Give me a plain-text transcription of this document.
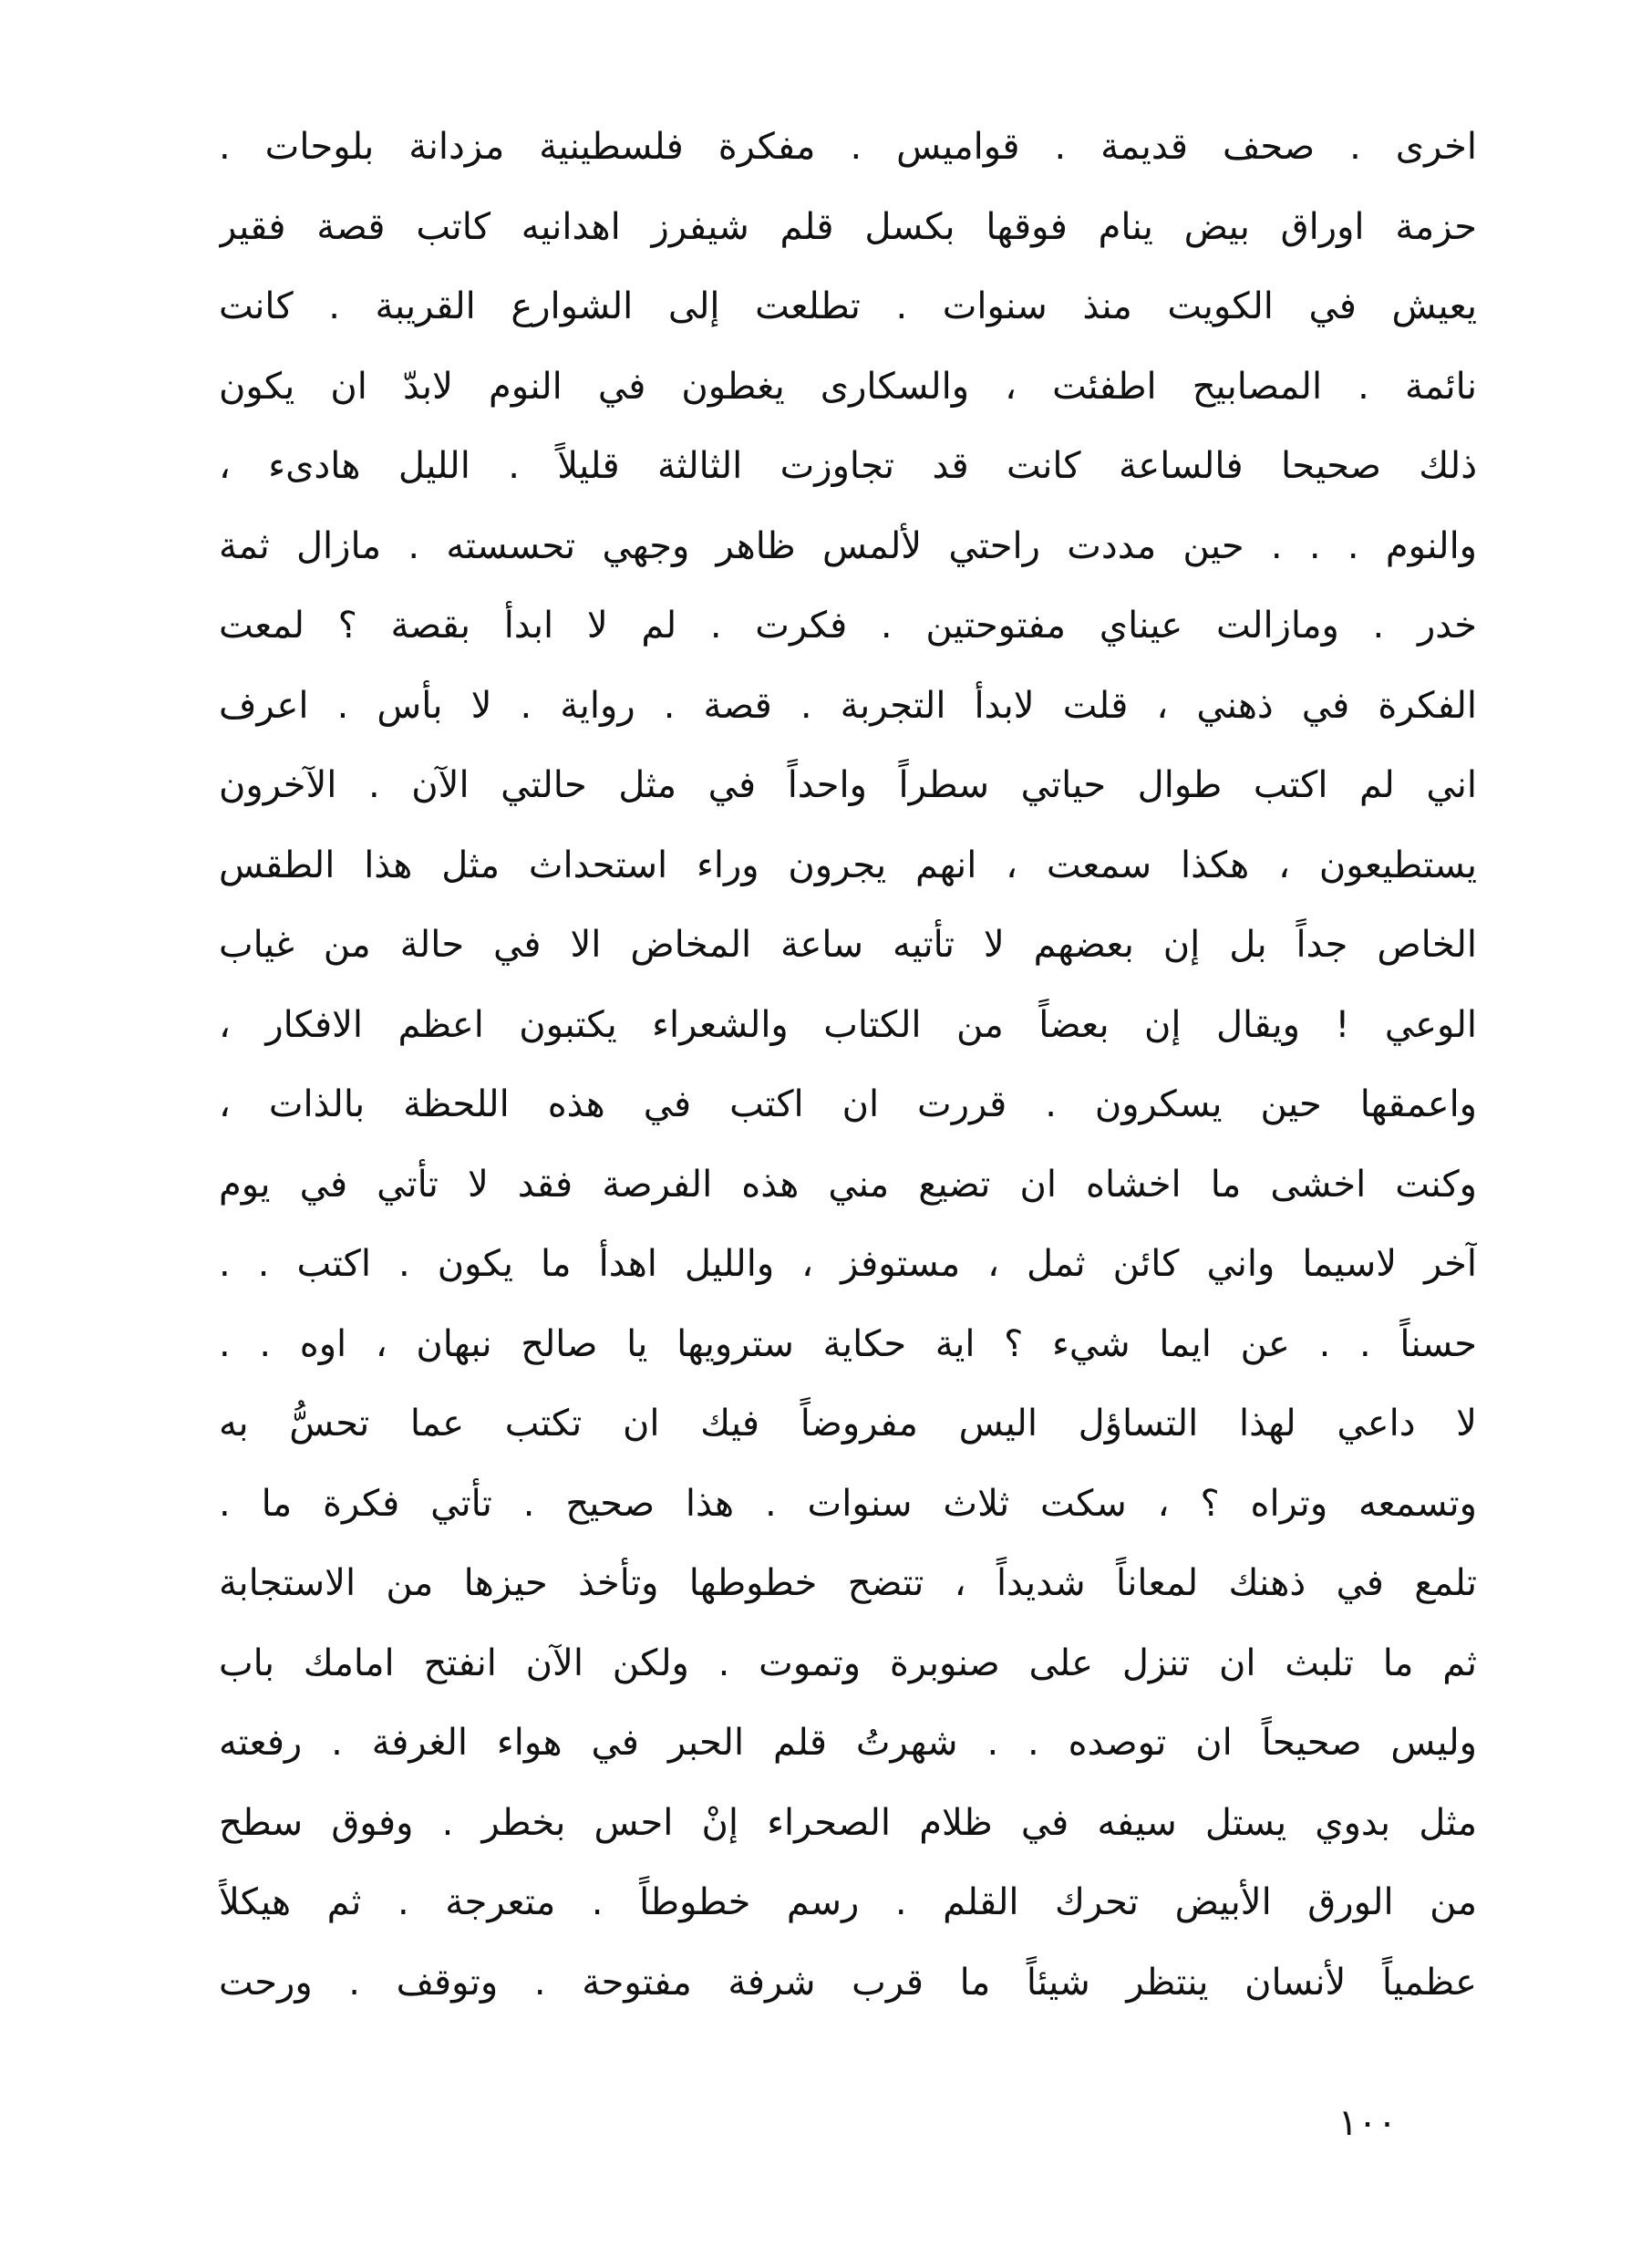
اخرى . صحف قديمة . قواميس . مفكرة فلسطينية مزدانة بلوحات .
حزمة اوراق بيض ينام فوقها بكسل قلم شيفرز اهدانيه كاتب قصة فقير
يعيش في الكويت منذ سنوات . تطلعت إلى الشوارع القريبة . كانت
نائمة . المصابيح اطفئت ، والسكارى يغطون في النوم لابدّ ان يكون
ذلك صحيحا فالساعة كانت قد تجاوزت الثالثة قليلاً . الليل هادىء ،
والنوم . . . حين مددت راحتي لألمس ظاهر وجهي تحسسته . مازال ثمة
خدر . ومازالت عيناي مفتوحتين . فكرت . لم لا ابدأ بقصة ؟ لمعت
الفكرة في ذهني ، قلت لابدأ التجربة . قصة . رواية . لا بأس . اعرف
اني لم اكتب طوال حياتي سطراً واحداً في مثل حالتي الآن . الآخرون
يستطيعون ، هكذا سمعت ، انهم يجرون وراء استحداث مثل هذا الطقس
الخاص جداً بل إن بعضهم لا تأتيه ساعة المخاض الا في حالة من غياب
الوعي ! ويقال إن بعضاً من الكتاب والشعراء يكتبون اعظم الافكار ،
واعمقها حين يسكرون . قررت ان اكتب في هذه اللحظة بالذات ،
وكنت اخشى ما اخشاه ان تضيع مني هذه الفرصة فقد لا تأتي في يوم
آخر لاسيما واني كائن ثمل ، مستوفز ، والليل اهدأ ما يكون . اكتب . .
حسناً . . عن ايما شيء ؟ اية حكاية سترويها يا صالح نبهان ، اوه . .
لا داعي لهذا التساؤل اليس مفروضاً فيك ان تكتب عما تحسُّ به
وتسمعه وتراه ؟ ، سكت ثلاث سنوات . هذا صحيح . تأتي فكرة ما .
تلمع في ذهنك لمعاناً شديداً ، تتضح خطوطها وتأخذ حيزها من الاستجابة
ثم ما تلبث ان تنزل على صنوبرة وتموت . ولكن الآن انفتح امامك باب
وليس صحيحاً ان توصده . . شهرتُ قلم الحبر في هواء الغرفة . رفعته
مثل بدوي يستل سيفه في ظلام الصحراء إنْ احس بخطر . وفوق سطح
من الورق الأبيض تحرك القلم . رسم خطوطاً . متعرجة . ثم هيكلاً
عظمياً لأنسان ينتظر شيئاً ما قرب شرفة مفتوحة . وتوقف . ورحت
١٠٠
